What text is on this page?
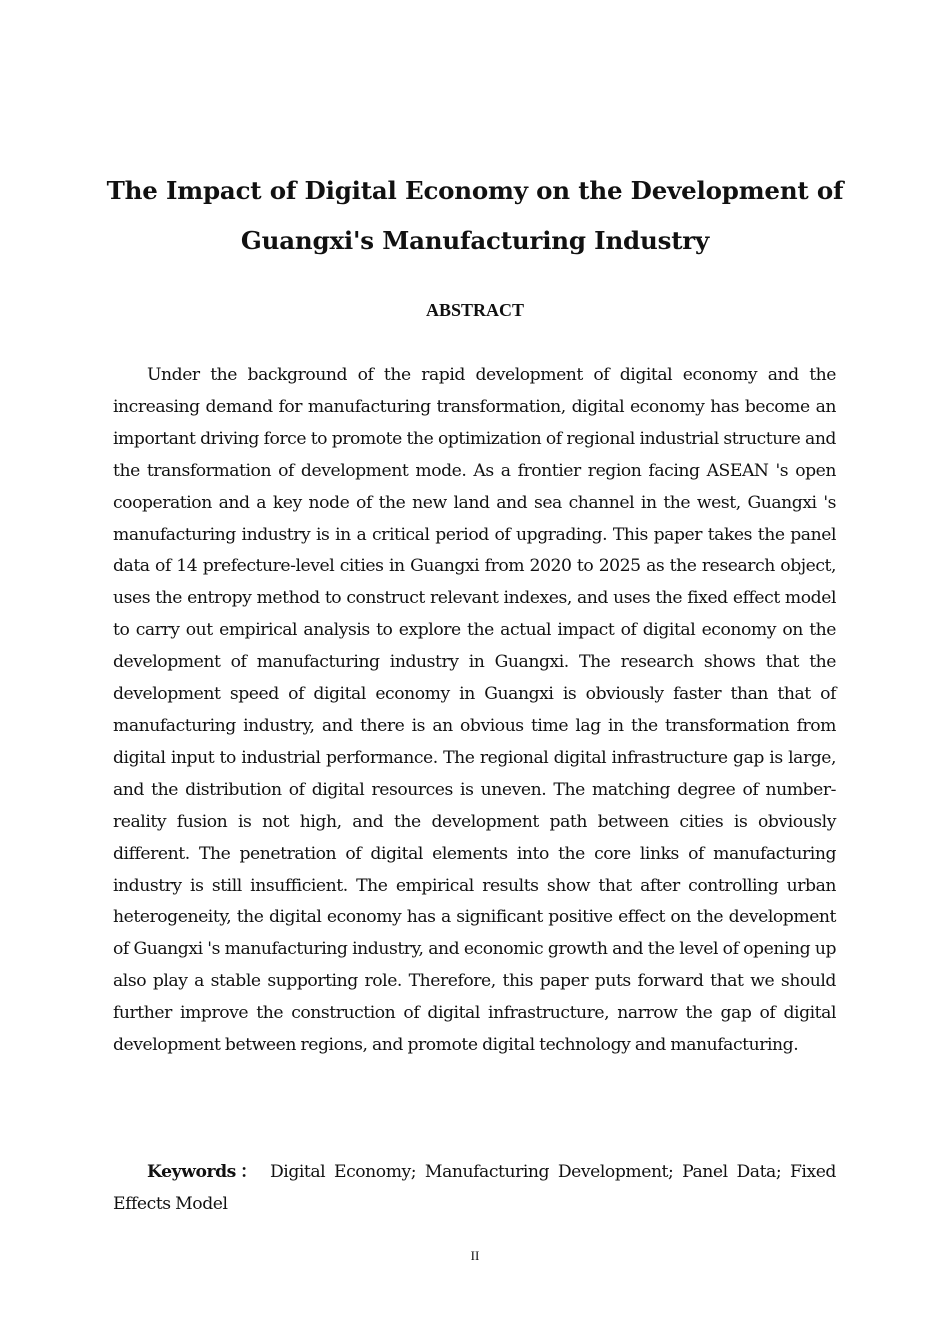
The Impact of Digital Economy on the Development of
Guangxi's Manufacturing Industry
ABSTRACT

Under the background of the rapid development of digital economy and the increasing demand for manufacturing transformation, digital economy has become an important driving force to promote the optimization of regional industrial structure and the transformation of development mode. As a frontier region facing ASEAN 's open cooperation and a key node of the new land and sea channel in the west, Guangxi 's manufacturing industry is in a critical period of upgrading. This paper takes the panel data of 14 prefecture-level cities in Guangxi from 2020 to 2025 as the research object, uses the entropy method to construct relevant indexes, and uses the fixed effect model to carry out empirical analysis to explore the actual impact of digital economy on the development of manufacturing industry in Guangxi. The research shows that the development speed of digital economy in Guangxi is obviously faster than that of manufacturing industry, and there is an obvious time lag in the transformation from digital input to industrial performance. The regional digital infrastructure gap is large, and the distribution of digital resources is uneven. The matching degree of number-reality fusion is not high, and the development path between cities is obviously different. The penetration of digital elements into the core links of manufacturing industry is still insufficient. The empirical results show that after controlling urban heterogeneity, the digital economy has a significant positive effect on the development of Guangxi 's manufacturing industry, and economic growth and the level of opening up also play a stable supporting role. Therefore, this paper puts forward that we should further improve the construction of digital infrastructure, narrow the gap of digital development between regions, and promote digital technology and manufacturing.

Keywords： Digital Economy; Manufacturing Development; Panel Data; Fixed Effects Model

II
